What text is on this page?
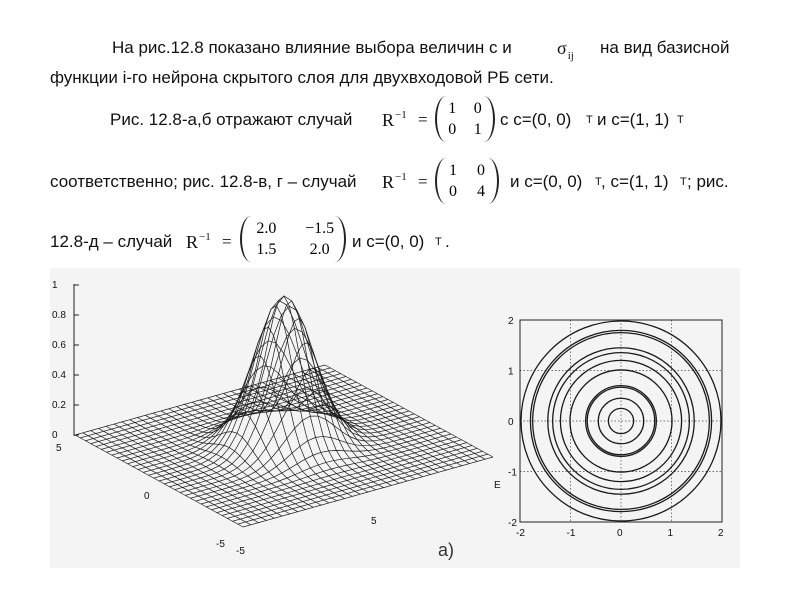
На рис.12.8 показано влияние выбора величин с и	$\sigma_{ij}$ на вид базисной
функции i-го нейрона скрытого слоя для двухвходовой РБ сети.
Рис. 12.8-а,б отражают случай $R^{-1}$ =
1	0
0	1
с с=(0, 0) T и с=(1, 1) T
соответственно; рис. 12.8-в, г – случай $R^{-1}$ =
1	0
0	4
и с=(0, 0) T , с=(1, 1) T ; рис.
12.8-д – случай $R^{-1}$ =
2.0	−1.5
1.5	2.0	и с=(0, 0) T .
1
0.8
0.6
0.4
0.2
0
5
0
-5
-5
5
E
2
1
0
-1
-2
-2	-1	0	1	2
а)
